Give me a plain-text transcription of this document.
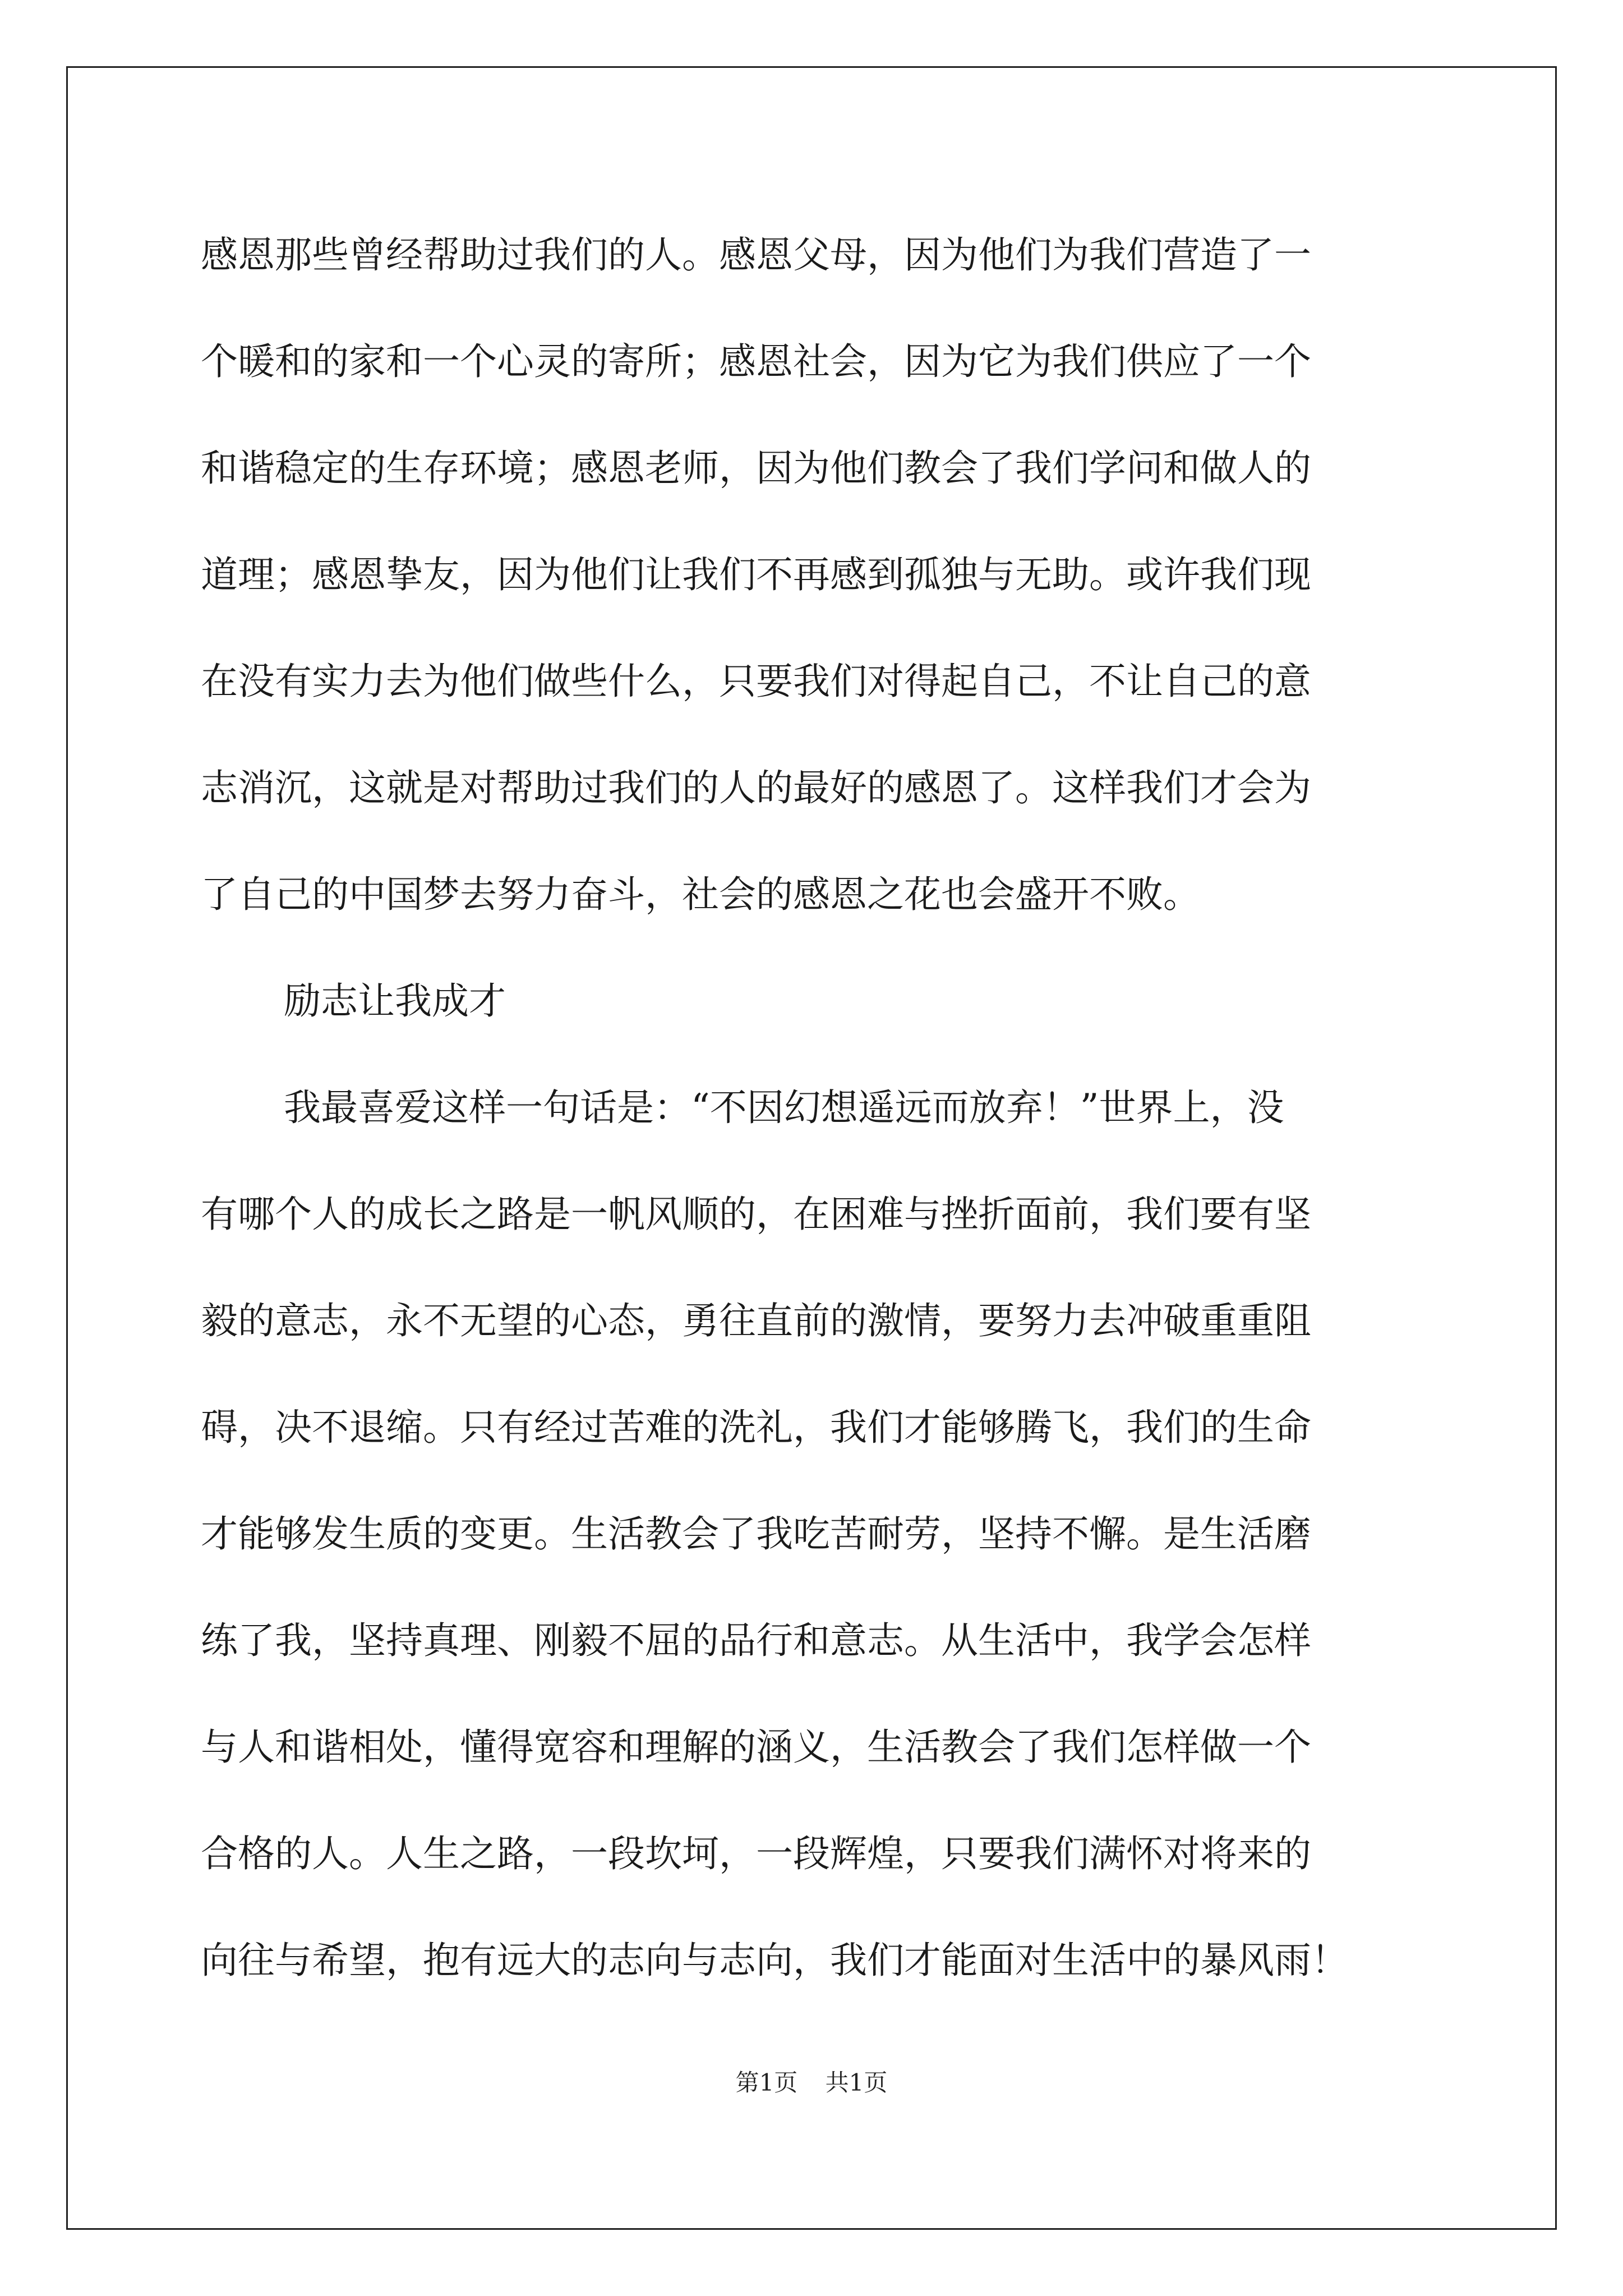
感恩那些曾经帮助过我们的人。感恩父母，因为他们为我们营造了一
个暖和的家和一个心灵的寄所；感恩社会，因为它为我们供应了一个
和谐稳定的生存环境；感恩老师，因为他们教会了我们学问和做人的
道理；感恩挚友，因为他们让我们不再感到孤独与无助。或许我们现
在没有实力去为他们做些什么，只要我们对得起自己，不让自己的意
志消沉，这就是对帮助过我们的人的最好的感恩了。这样我们才会为
了自己的中国梦去努力奋斗，社会的感恩之花也会盛开不败。
励志让我成才
我最喜爱这样一句话是：“不因幻想遥远而放弃！”世界上，没
有哪个人的成长之路是一帆风顺的，在困难与挫折面前，我们要有坚
毅的意志，永不无望的心态，勇往直前的激情，要努力去冲破重重阻
碍，决不退缩。只有经过苦难的洗礼，我们才能够腾飞，我们的生命
才能够发生质的变更。生活教会了我吃苦耐劳，坚持不懈。是生活磨
练了我，坚持真理、刚毅不屈的品行和意志。从生活中，我学会怎样
与人和谐相处，懂得宽容和理解的涵义，生活教会了我们怎样做一个
合格的人。人生之路，一段坎坷，一段辉煌，只要我们满怀对将来的
向往与希望，抱有远大的志向与志向，我们才能面对生活中的暴风雨！
第1页 共1页
